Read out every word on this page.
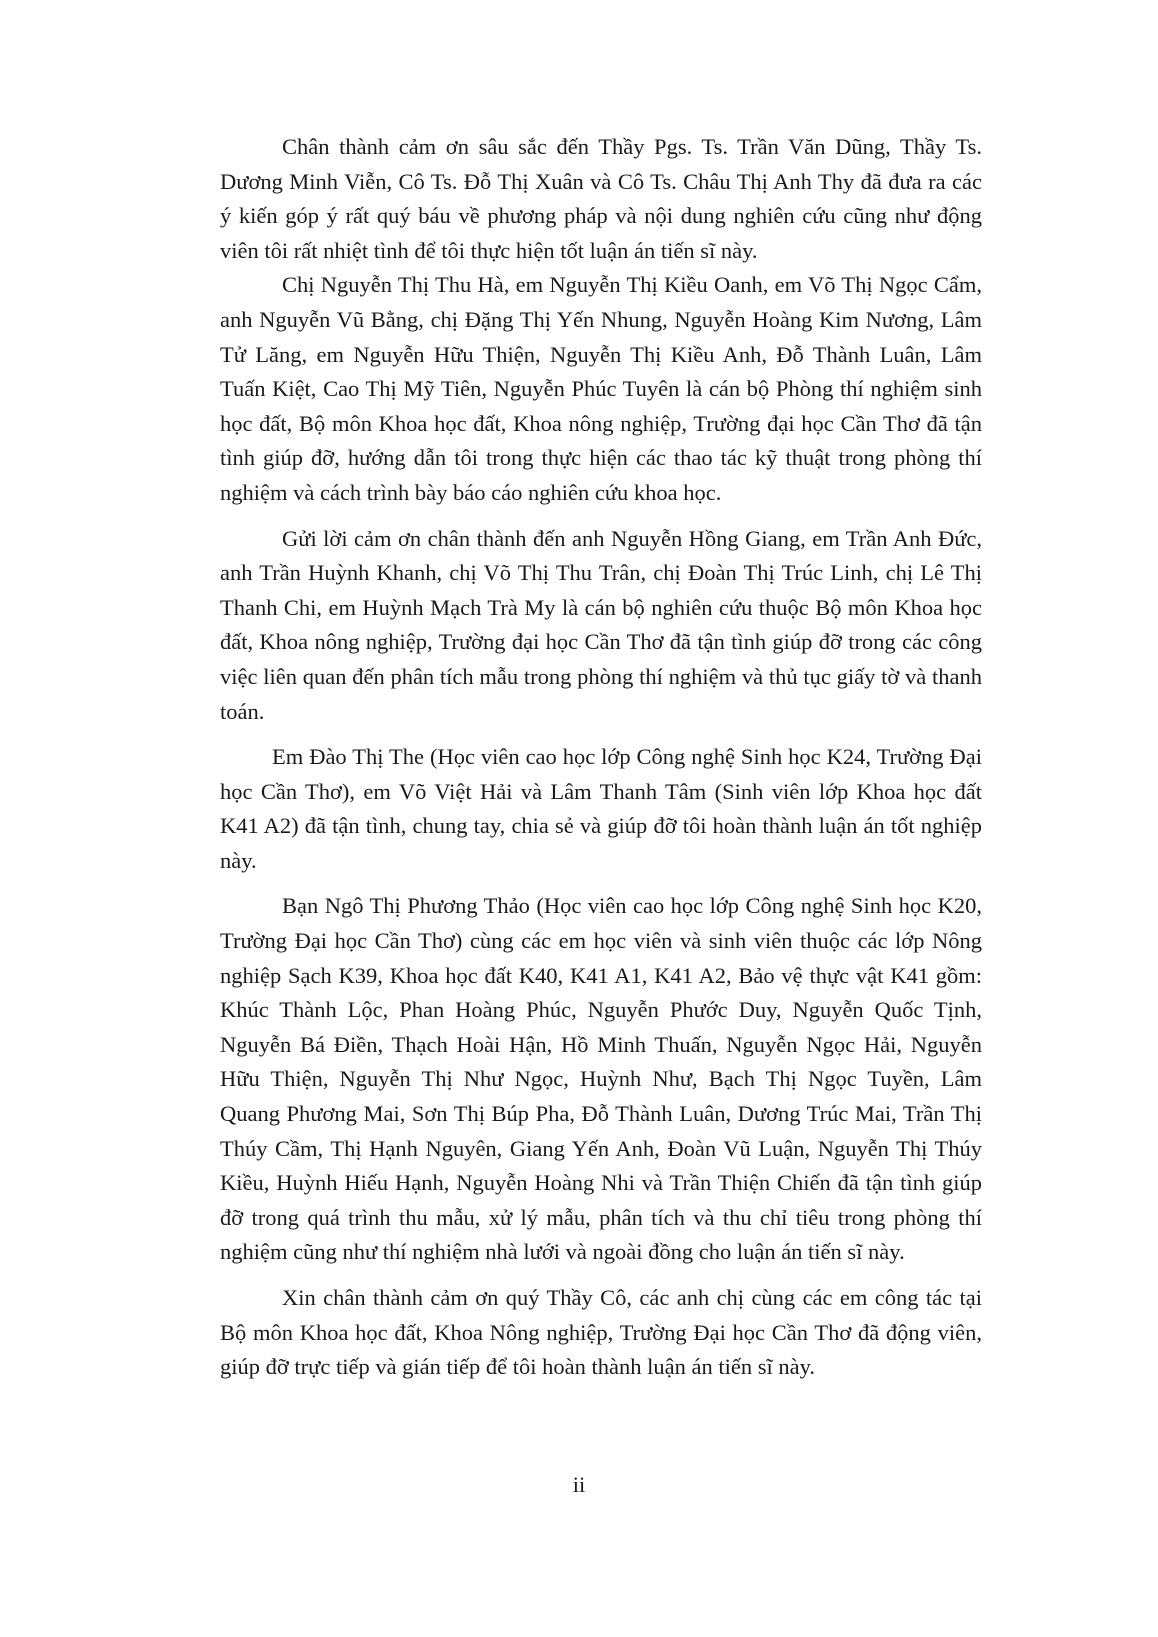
Chân thành cảm ơn sâu sắc đến Thầy Pgs. Ts. Trần Văn Dũng, Thầy Ts. Dương Minh Viễn, Cô Ts. Đỗ Thị Xuân và Cô Ts. Châu Thị Anh Thy đã đưa ra các ý kiến góp ý rất quý báu về phương pháp và nội dung nghiên cứu cũng như động viên tôi rất nhiệt tình để tôi thực hiện tốt luận án tiến sĩ này.

Chị Nguyễn Thị Thu Hà, em Nguyễn Thị Kiều Oanh, em Võ Thị Ngọc Cẩm, anh Nguyễn Vũ Bằng, chị Đặng Thị Yến Nhung, Nguyễn Hoàng Kim Nương, Lâm Tử Lăng, em Nguyễn Hữu Thiện, Nguyễn Thị Kiều Anh, Đỗ Thành Luân, Lâm Tuấn Kiệt, Cao Thị Mỹ Tiên, Nguyễn Phúc Tuyên là cán bộ Phòng thí nghiệm sinh học đất, Bộ môn Khoa học đất, Khoa nông nghiệp, Trường đại học Cần Thơ đã tận tình giúp đỡ, hướng dẫn tôi trong thực hiện các thao tác kỹ thuật trong phòng thí nghiệm và cách trình bày báo cáo nghiên cứu khoa học.

Gửi lời cảm ơn chân thành đến anh Nguyễn Hồng Giang, em Trần Anh Đức, anh Trần Huỳnh Khanh, chị Võ Thị Thu Trân, chị Đoàn Thị Trúc Linh, chị Lê Thị Thanh Chi, em Huỳnh Mạch Trà My là cán bộ nghiên cứu thuộc Bộ môn Khoa học đất, Khoa nông nghiệp, Trường đại học Cần Thơ đã tận tình giúp đỡ trong các công việc liên quan đến phân tích mẫu trong phòng thí nghiệm và thủ tục giấy tờ và thanh toán.

Em Đào Thị The (Học viên cao học lớp Công nghệ Sinh học K24, Trường Đại học Cần Thơ), em Võ Việt Hải và Lâm Thanh Tâm (Sinh viên lớp Khoa học đất K41 A2) đã tận tình, chung tay, chia sẻ và giúp đỡ tôi hoàn thành luận án tốt nghiệp này.

Bạn Ngô Thị Phương Thảo (Học viên cao học lớp Công nghệ Sinh học K20, Trường Đại học Cần Thơ) cùng các em học viên và sinh viên thuộc các lớp Nông nghiệp Sạch K39, Khoa học đất K40, K41 A1, K41 A2, Bảo vệ thực vật K41 gồm: Khúc Thành Lộc, Phan Hoàng Phúc, Nguyễn Phước Duy, Nguyễn Quốc Tịnh, Nguyễn Bá Điền, Thạch Hoài Hận, Hồ Minh Thuấn, Nguyễn Ngọc Hải, Nguyễn Hữu Thiện, Nguyễn Thị Như Ngọc, Huỳnh Như, Bạch Thị Ngọc Tuyền, Lâm Quang Phương Mai, Sơn Thị Búp Pha, Đỗ Thành Luân, Dương Trúc Mai, Trần Thị Thúy Cầm, Thị Hạnh Nguyên, Giang Yến Anh, Đoàn Vũ Luận, Nguyễn Thị Thúy Kiều, Huỳnh Hiếu Hạnh, Nguyễn Hoàng Nhi và Trần Thiện Chiến đã tận tình giúp đỡ trong quá trình thu mẫu, xử lý mẫu, phân tích và thu chỉ tiêu trong phòng thí nghiệm cũng như thí nghiệm nhà lưới và ngoài đồng cho luận án tiến sĩ này.

Xin chân thành cảm ơn quý Thầy Cô, các anh chị cùng các em công tác tại Bộ môn Khoa học đất, Khoa Nông nghiệp, Trường Đại học Cần Thơ đã động viên, giúp đỡ trực tiếp và gián tiếp để tôi hoàn thành luận án tiến sĩ này.

ii
